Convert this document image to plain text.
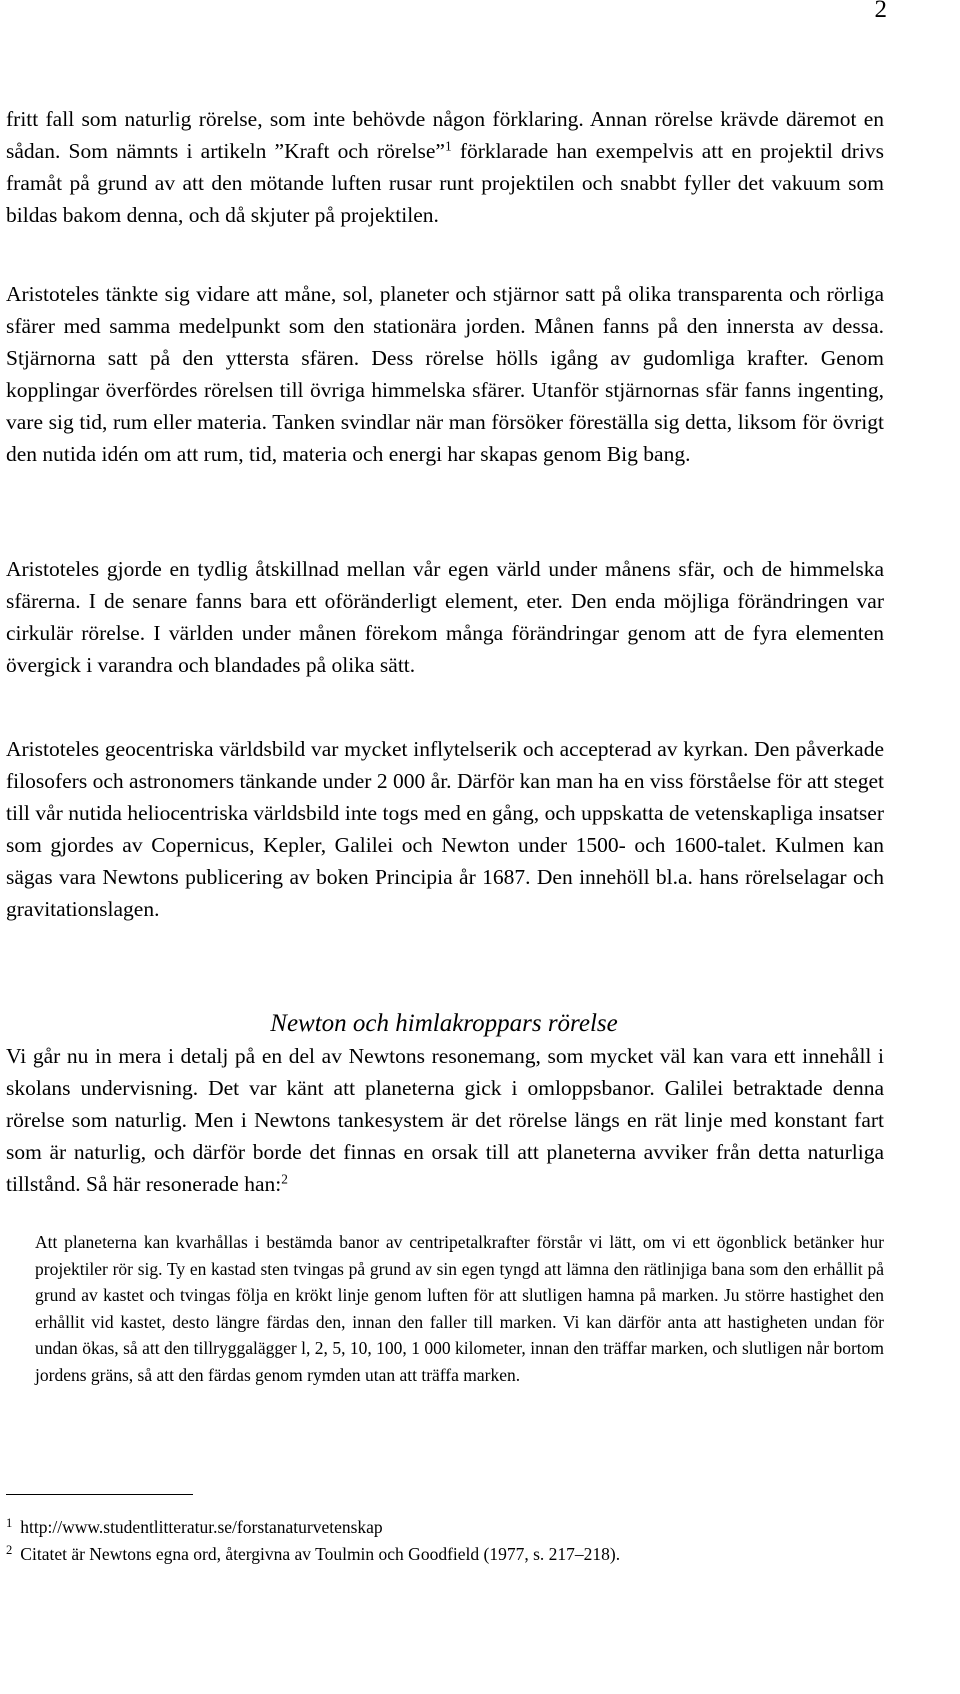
2

fritt fall som naturlig rörelse, som inte behövde någon förklaring. Annan rörelse krävde däremot en sådan. Som nämnts i artikeln ”Kraft och rörelse”$^1$ förklarade han exempelvis att en projektil drivs framåt på grund av att den mötande luften rusar runt projektilen och snabbt fyller det vakuum som bildas bakom denna, och då skjuter på projektilen.

Aristoteles tänkte sig vidare att måne, sol, planeter och stjärnor satt på olika transparenta och rörliga sfärer med samma medelpunkt som den stationära jorden. Månen fanns på den innersta av dessa. Stjärnorna satt på den yttersta sfären. Dess rörelse hölls igång av gudomliga krafter. Genom kopplingar överfördes rörelsen till övriga himmelska sfärer. Utanför stjärnornas sfär fanns ingenting, vare sig tid, rum eller materia. Tanken svindlar när man försöker föreställa sig detta, liksom för övrigt den nutida idén om att rum, tid, materia och energi har skapas genom Big bang.

Aristoteles gjorde en tydlig åtskillnad mellan vår egen värld under månens sfär, och de himmelska sfärerna. I de senare fanns bara ett oföränderligt element, eter. Den enda möjliga förändringen var cirkulär rörelse. I världen under månen förekom många förändringar genom att de fyra elementen övergick i varandra och blandades på olika sätt.

Aristoteles geocentriska världsbild var mycket inflytelserik och accepterad av kyrkan. Den påverkade filosofers och astronomers tänkande under 2 000 år. Därför kan man ha en viss förståelse för att steget till vår nutida heliocentriska världsbild inte togs med en gång, och uppskatta de vetenskapliga insatser som gjordes av Copernicus, Kepler, Galilei och Newton under 1500- och 1600-talet. Kulmen kan sägas vara Newtons publicering av boken Principia år 1687. Den innehöll bl.a. hans rörelselagar och gravitationslagen.

Newton och himlakroppars rörelse

Vi går nu in mera i detalj på en del av Newtons resonemang, som mycket väl kan vara ett innehåll i skolans undervisning. Det var känt att planeterna gick i omloppsbanor. Galilei betraktade denna rörelse som naturlig. Men i Newtons tankesystem är det rörelse längs en rät linje med konstant fart som är naturlig, och därför borde det finnas en orsak till att planeterna avviker från detta naturliga tillstånd. Så här resonerade han:$^2$

Att planeterna kan kvarhållas i bestämda banor av centripetalkrafter förstår vi lätt, om vi ett ögonblick betänker hur projektiler rör sig. Ty en kastad sten tvingas på grund av sin egen tyngd att lämna den rätlinjiga bana som den erhållit på grund av kastet och tvingas följa en krökt linje genom luften för att slutligen hamna på marken. Ju större hastighet den erhållit vid kastet, desto längre färdas den, innan den faller till marken. Vi kan därför anta att hastigheten undan för undan ökas, så att den tillryggalägger l, 2, 5, 10, 100, 1 000 kilometer, innan den träffar marken, och slutligen når bortom jordens gräns, så att den färdas genom rymden utan att träffa marken.

$^1$ http://www.studentlitteratur.se/forstanaturvetenskap
$^2$ Citatet är Newtons egna ord, återgivna av Toulmin och Goodfield (1977, s. 217–218).
